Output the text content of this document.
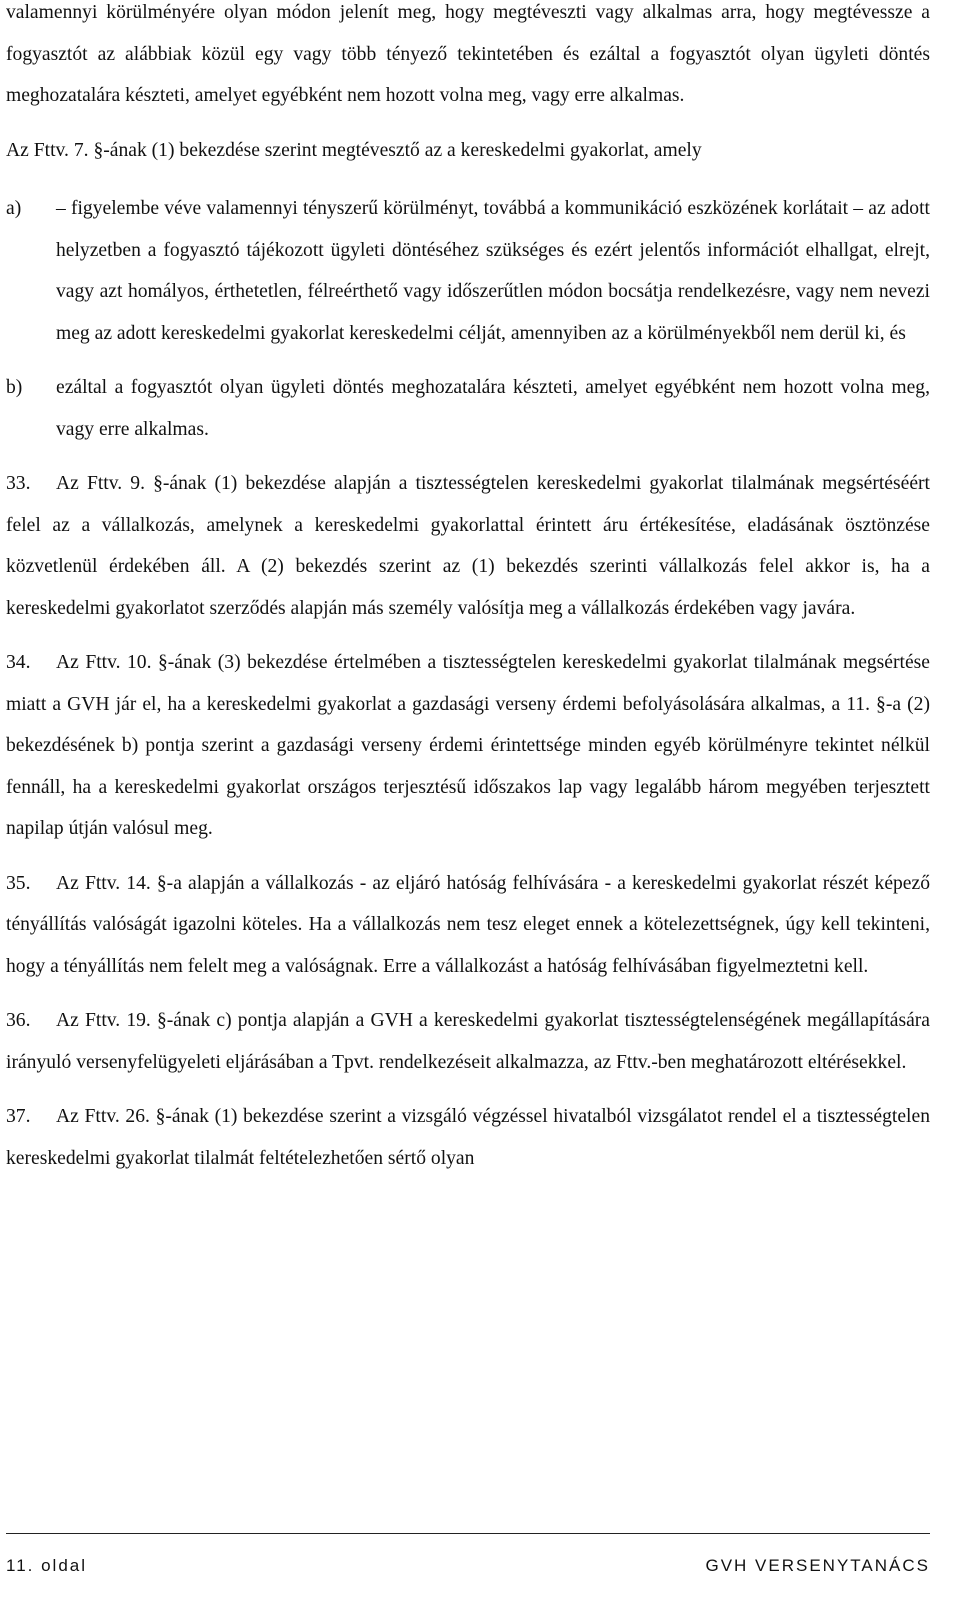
valamennyi körülményére olyan módon jelenít meg, hogy megtéveszti vagy alkalmas arra, hogy megtévessze a fogyasztót az alábbiak közül egy vagy több tényező tekintetében és ezáltal a fogyasztót olyan ügyleti döntés meghozatalára készteti, amelyet egyébként nem hozott volna meg, vagy erre alkalmas.

Az Fttv. 7. §-ának (1) bekezdése szerint megtévesztő az a kereskedelmi gyakorlat, amely

a)	– figyelembe véve valamennyi tényszerű körülményt, továbbá a kommunikáció eszközének korlátait – az adott helyzetben a fogyasztó tájékozott ügyleti döntéséhez szükséges és ezért jelentős információt elhallgat, elrejt, vagy azt homályos, érthetetlen, félreérthető vagy időszerűtlen módon bocsátja rendelkezésre, vagy nem nevezi meg az adott kereskedelmi gyakorlat kereskedelmi célját, amennyiben az a körülményekből nem derül ki, és
b)	ezáltal a fogyasztót olyan ügyleti döntés meghozatalára készteti, amelyet egyébként nem hozott volna meg, vagy erre alkalmas.

33. Az Fttv. 9. §-ának (1) bekezdése alapján a tisztességtelen kereskedelmi gyakorlat tilalmának megsértéséért felel az a vállalkozás, amelynek a kereskedelmi gyakorlattal érintett áru értékesítése, eladásának ösztönzése közvetlenül érdekében áll. A (2) bekezdés szerint az (1) bekezdés szerinti vállalkozás felel akkor is, ha a kereskedelmi gyakorlatot szerződés alapján más személy valósítja meg a vállalkozás érdekében vagy javára.

34. Az Fttv. 10. §-ának (3) bekezdése értelmében a tisztességtelen kereskedelmi gyakorlat tilalmának megsértése miatt a GVH jár el, ha a kereskedelmi gyakorlat a gazdasági verseny érdemi befolyásolására alkalmas, a 11. §-a (2) bekezdésének b) pontja szerint a gazdasági verseny érdemi érintettsége minden egyéb körülményre tekintet nélkül fennáll, ha a kereskedelmi gyakorlat országos terjesztésű időszakos lap vagy legalább három megyében terjesztett napilap útján valósul meg.

35. Az Fttv. 14. §-a alapján a vállalkozás - az eljáró hatóság felhívására - a kereskedelmi gyakorlat részét képező tényállítás valóságát igazolni köteles. Ha a vállalkozás nem tesz eleget ennek a kötelezettségnek, úgy kell tekinteni, hogy a tényállítás nem felelt meg a valóságnak. Erre a vállalkozást a hatóság felhívásában figyelmeztetni kell.

36. Az Fttv. 19. §-ának c) pontja alapján a GVH a kereskedelmi gyakorlat tisztességtelenségének megállapítására irányuló versenyfelügyeleti eljárásában a Tpvt. rendelkezéseit alkalmazza, az Fttv.-ben meghatározott eltérésekkel.

37. Az Fttv. 26. §-ának (1) bekezdése szerint a vizsgáló végzéssel hivatalból vizsgálatot rendel el a tisztességtelen kereskedelmi gyakorlat tilalmát feltételezhetően sértő olyan

11. oldal	GVH VERSENYTANÁCS
